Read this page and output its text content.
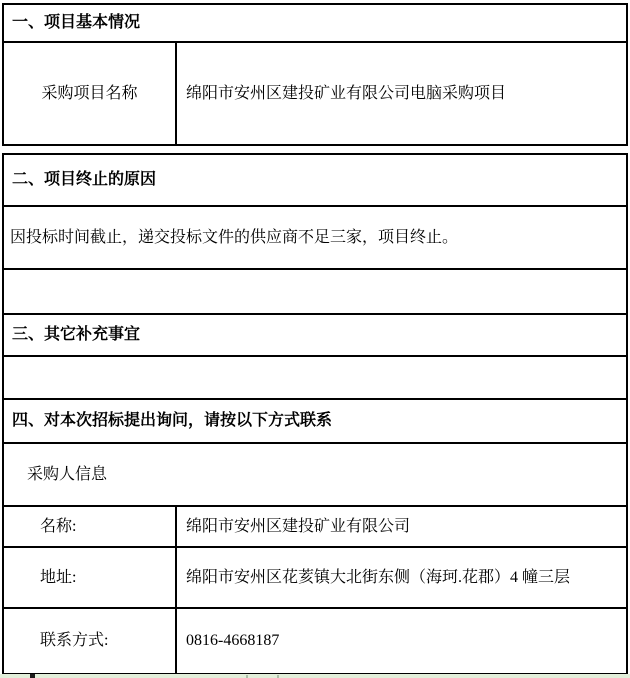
一、项目基本情况
采购项目名称	绵阳市安州区建投矿业有限公司电脑采购项目
二、项目终止的原因	
因投标时间截止，递交投标文件的供应商不足三家，项目终止。	

三、其它补充事宜	

四、对本次招标提出询问，请按以下方式联系	
采购人信息	
名称:	绵阳市安州区建投矿业有限公司
地址:	绵阳市安州区花荄镇大北街东侧（海珂.花郡）4 幢三层
联系方式:	0816-4668187
